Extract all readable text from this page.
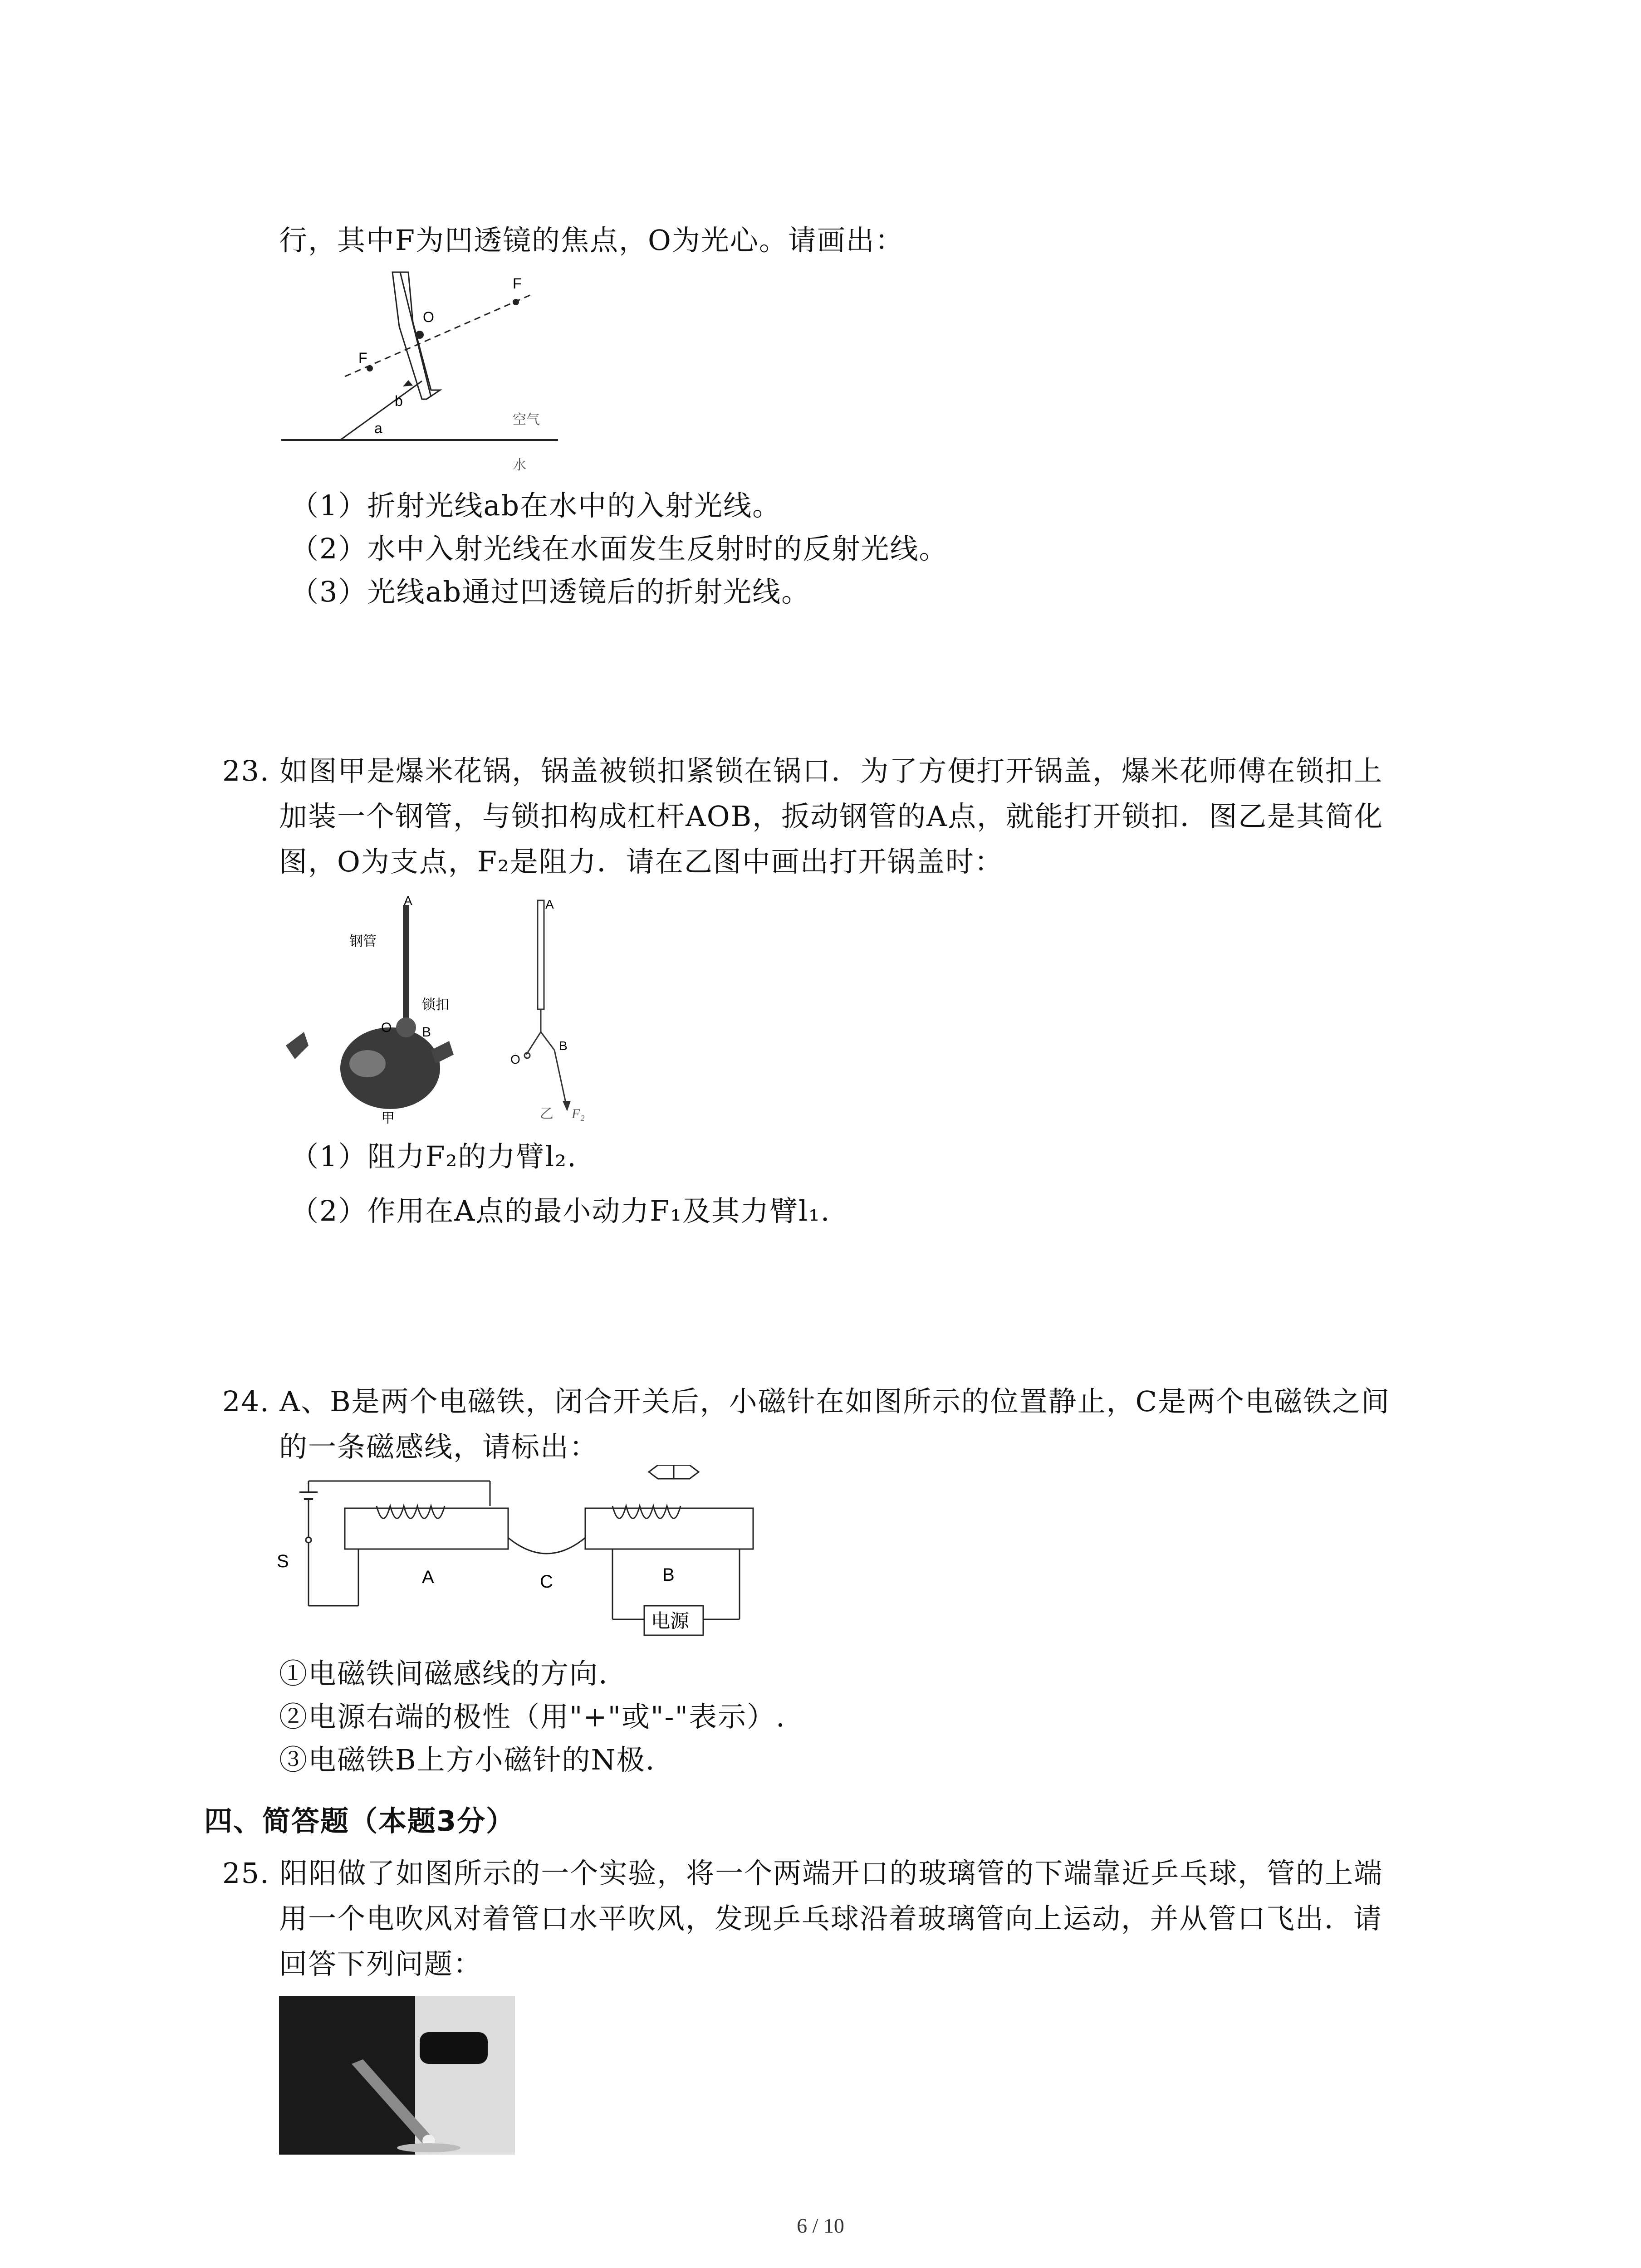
行，其中F为凹透镜的焦点，O为光心。请画出：
O
F
F
b
a
空气
水
（1）折射光线ab在水中的入射光线。
（2）水中入射光线在水面发生反射时的反射光线。
（3）光线ab通过凹透镜后的折射光线。
23. 如图甲是爆米花锅，锅盖被锁扣紧锁在锅口．为了方便打开锅盖，爆米花师傅在锁扣上
加装一个钢管，与锁扣构成杠杆AOB，扳动钢管的A点，就能打开锁扣．图乙是其简化
图，O为支点，F₂是阻力．请在乙图中画出打开锅盖时：
A
钢管
锁扣
O B
甲
A
O
B
乙 F₂
（1）阻力F₂的力臂l₂.
（2）作用在A点的最小动力F₁及其力臂l₁.
24. A、B是两个电磁铁，闭合开关后，小磁针在如图所示的位置静止，C是两个电磁铁之间
的一条磁感线，请标出：
S
A	C	B
电源
①电磁铁间磁感线的方向.
②电源右端的极性（用"+"或"-"表示）.
③电磁铁B上方小磁针的N极.
四、简答题（本题3分）
25. 阳阳做了如图所示的一个实验，将一个两端开口的玻璃管的下端靠近乒乓球，管的上端
用一个电吹风对着管口水平吹风，发现乒乓球沿着玻璃管向上运动，并从管口飞出．请
回答下列问题：
6 / 10
